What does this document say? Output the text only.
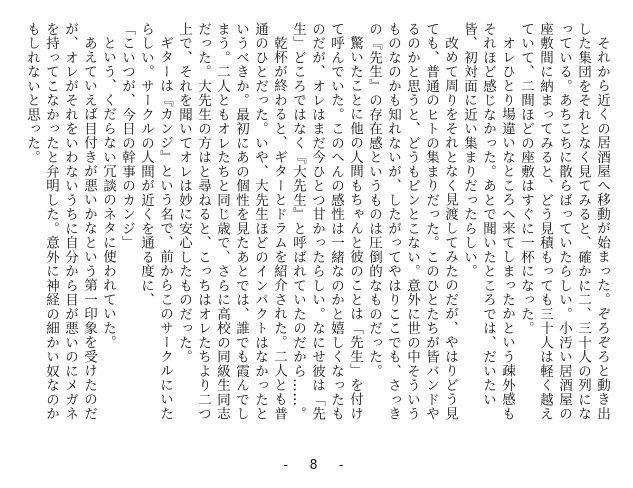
それから近くの居酒屋へ移動が始まった。ぞろぞろと動き出した集団をそれとなく見てみると、確かに二、三十人の列になっている。あちこちに散らばっていたらしい。小汚い居酒屋の座敷間に納まってみると、どう見積もっても三十人は軽く越えていて、二間ほどの座敷はすぐに一杯になった。

オレひとり場違いなところへ来てしまったかという疎外感もそれほど感じなかった。あとで聞いたところでは、だいたい皆、初対面に近い集まりだったらしい。

改めて周りをそれとなく見渡してみたのだが、やはりどう見ても、普通のヒトの集まりだった。このひとたちが皆バンドやるのかと思うと、どうもピンとこない。意外に世の中そういうものなのかも知れないが、したがってやはりここでも、さっきの『先生』の存在感というものは圧倒的なものだった。

驚いたことに他の人間もちゃんと彼のことは「先生」を付けて呼んでいた。このへんの感性は一緒なのかと嬉しくなったものだが、オレはまだ今ひとつ甘かったらしい。なにせ彼は「先生」どころではなく『大先生』と呼ばれていたのだから……。

乾杯が終わると、ギターとドラムを紹介された。二人とも普通のひとだった。いや、大先生ほどのインパクトはなかったというべきか。最初にあの個性を見たあとでは、誰でも霞んでしまう。二人ともオレたちと同じ歳で、さらに高校の同級生同志だった。大先生の方はと尋ねると、こっちはオレたちより二つ上で、それを聞いてオレは妙に安心したものだった。

ギターは『カンジ』という名で、前からこのサークルにいたらしい。サークルの人間が近くを通る度に、

「こいつが、今日の幹事のカンジ」

という、くだらない冗談のネタに使われていた。

あえていえば目付きが悪いかなという第一印象を受けたのだが、オレがそれをいわないうちに自分から目が悪いのにメガネを持ってこなかったと弁明した。意外に神経の細かい奴なのかもしれないと思った。

- 8 -
